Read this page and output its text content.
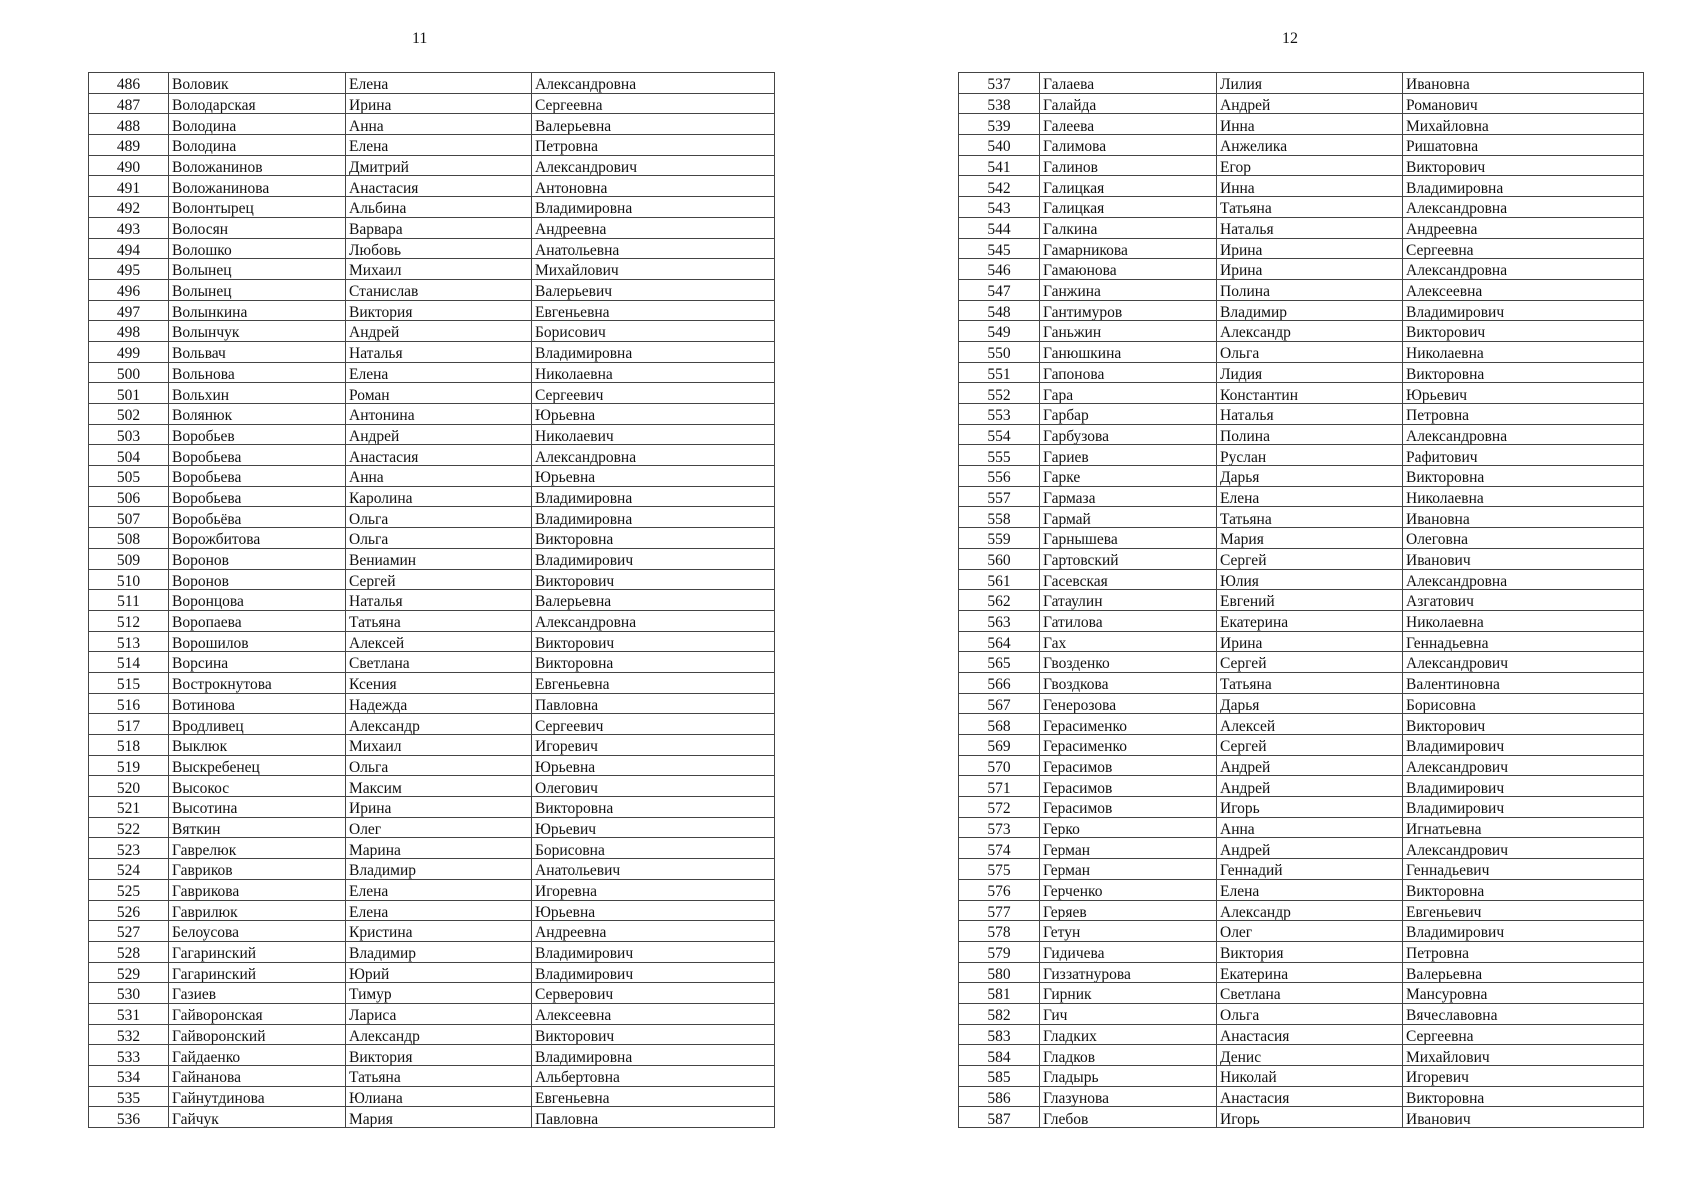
11	12
486	Воловик	Елена	Александровна
487	Володарская	Ирина	Сергеевна
488	Володина	Анна	Валерьевна
489	Володина	Елена	Петровна
490	Воложанинов	Дмитрий	Александрович
491	Воложанинова	Анастасия	Антоновна
492	Волонтырец	Альбина	Владимировна
493	Волосян	Варвара	Андреевна
494	Волошко	Любовь	Анатольевна
495	Волынец	Михаил	Михайлович
496	Волынец	Станислав	Валерьевич
497	Волынкина	Виктория	Евгеньевна
498	Волынчук	Андрей	Борисович
499	Вольвач	Наталья	Владимировна
500	Вольнова	Елена	Николаевна
501	Вольхин	Роман	Сергеевич
502	Волянюк	Антонина	Юрьевна
503	Воробьев	Андрей	Николаевич
504	Воробьева	Анастасия	Александровна
505	Воробьева	Анна	Юрьевна
506	Воробьева	Каролина	Владимировна
507	Воробьёва	Ольга	Владимировна
508	Ворожбитова	Ольга	Викторовна
509	Воронов	Вениамин	Владимирович
510	Воронов	Сергей	Викторович
511	Воронцова	Наталья	Валерьевна
512	Воропаева	Татьяна	Александровна
513	Ворошилов	Алексей	Викторович
514	Ворсина	Светлана	Викторовна
515	Вострокнутова	Ксения	Евгеньевна
516	Вотинова	Надежда	Павловна
517	Вродливец	Александр	Сергеевич
518	Выклюк	Михаил	Игоревич
519	Выскребенец	Ольга	Юрьевна
520	Высокос	Максим	Олегович
521	Высотина	Ирина	Викторовна
522	Вяткин	Олег	Юрьевич
523	Гаврелюк	Марина	Борисовна
524	Гавриков	Владимир	Анатольевич
525	Гаврикова	Елена	Игоревна
526	Гаврилюк	Елена	Юрьевна
527	Белоусова	Кристина	Андреевна
528	Гагаринский	Владимир	Владимирович
529	Гагаринский	Юрий	Владимирович
530	Газиев	Тимур	Серверович
531	Гайворонская	Лариса	Алексеевна
532	Гайворонский	Александр	Викторович
533	Гайдаенко	Виктория	Владимировна
534	Гайнанова	Татьяна	Альбертовна
535	Гайнутдинова	Юлиана	Евгеньевна
536	Гайчук	Мария	Павловна
537	Галаева	Лилия	Ивановна
538	Галайда	Андрей	Романович
539	Галеева	Инна	Михайловна
540	Галимова	Анжелика	Ришатовна
541	Галинов	Егор	Викторович
542	Галицкая	Инна	Владимировна
543	Галицкая	Татьяна	Александровна
544	Галкина	Наталья	Андреевна
545	Гамарникова	Ирина	Сергеевна
546	Гамаюнова	Ирина	Александровна
547	Ганжина	Полина	Алексеевна
548	Гантимуров	Владимир	Владимирович
549	Ганьжин	Александр	Викторович
550	Ганюшкина	Ольга	Николаевна
551	Гапонова	Лидия	Викторовна
552	Гара	Константин	Юрьевич
553	Гарбар	Наталья	Петровна
554	Гарбузова	Полина	Александровна
555	Гариев	Руслан	Рафитович
556	Гарке	Дарья	Викторовна
557	Гармаза	Елена	Николаевна
558	Гармай	Татьяна	Ивановна
559	Гарнышева	Мария	Олеговна
560	Гартовский	Сергей	Иванович
561	Гасевская	Юлия	Александровна
562	Гатаулин	Евгений	Азгатович
563	Гатилова	Екатерина	Николаевна
564	Гах	Ирина	Геннадьевна
565	Гвозденко	Сергей	Александрович
566	Гвоздкова	Татьяна	Валентиновна
567	Генерозова	Дарья	Борисовна
568	Герасименко	Алексей	Викторович
569	Герасименко	Сергей	Владимирович
570	Герасимов	Андрей	Александрович
571	Герасимов	Андрей	Владимирович
572	Герасимов	Игорь	Владимирович
573	Герко	Анна	Игнатьевна
574	Герман	Андрей	Александрович
575	Герман	Геннадий	Геннадьевич
576	Герченко	Елена	Викторовна
577	Геряев	Александр	Евгеньевич
578	Гетун	Олег	Владимирович
579	Гидичева	Виктория	Петровна
580	Гиззатнурова	Екатерина	Валерьевна
581	Гирник	Светлана	Мансуровна
582	Гич	Ольга	Вячеславовна
583	Гладких	Анастасия	Сергеевна
584	Гладков	Денис	Михайлович
585	Гладырь	Николай	Игоревич
586	Глазунова	Анастасия	Викторовна
587	Глебов	Игорь	Иванович
